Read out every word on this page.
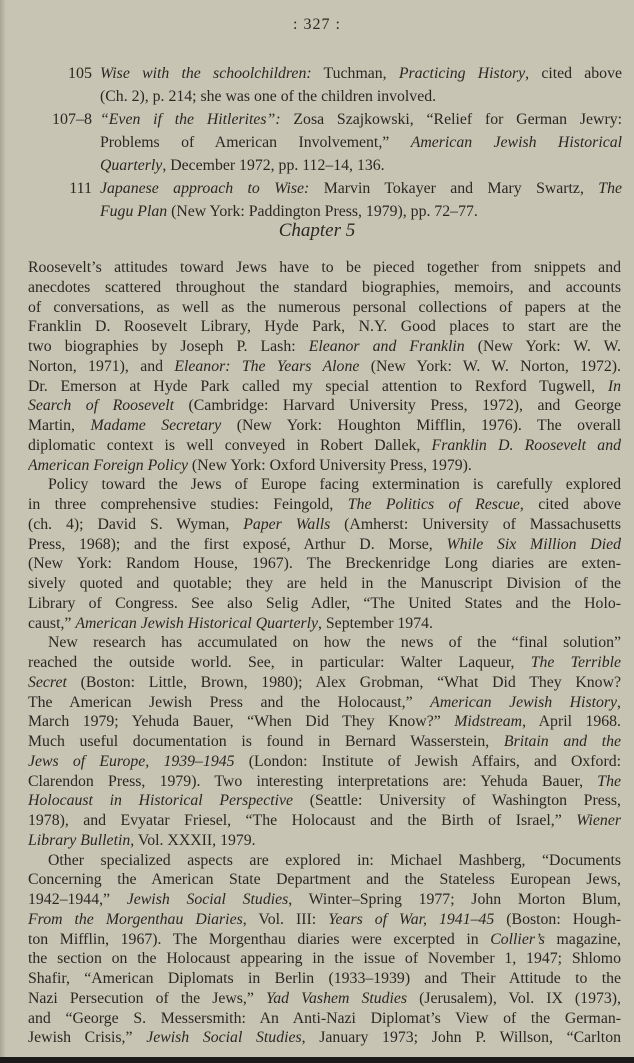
: 327 :
105 Wise with the schoolchildren: Tuchman, Practicing History, cited above
(Ch. 2), p. 214; she was one of the children involved.
107–8 “Even if the Hitlerites”: Zosa Szajkowski, “Relief for German Jewry:
Problems of American Involvement,” American Jewish Historical
Quarterly, December 1972, pp. 112–14, 136.
111 Japanese approach to Wise: Marvin Tokayer and Mary Swartz, The
Fugu Plan (New York: Paddington Press, 1979), pp. 72–77.
Chapter 5
Roosevelt’s attitudes toward Jews have to be pieced together from snippets and
anecdotes scattered throughout the standard biographies, memoirs, and accounts
of conversations, as well as the numerous personal collections of papers at the
Franklin D. Roosevelt Library, Hyde Park, N.Y. Good places to start are the
two biographies by Joseph P. Lash: Eleanor and Franklin (New York: W. W.
Norton, 1971), and Eleanor: The Years Alone (New York: W. W. Norton, 1972).
Dr. Emerson at Hyde Park called my special attention to Rexford Tugwell, In
Search of Roosevelt (Cambridge: Harvard University Press, 1972), and George
Martin, Madame Secretary (New York: Houghton Mifflin, 1976). The overall
diplomatic context is well conveyed in Robert Dallek, Franklin D. Roosevelt and
American Foreign Policy (New York: Oxford University Press, 1979).
Policy toward the Jews of Europe facing extermination is carefully explored
in three comprehensive studies: Feingold, The Politics of Rescue, cited above
(ch. 4); David S. Wyman, Paper Walls (Amherst: University of Massachusetts
Press, 1968); and the first exposé, Arthur D. Morse, While Six Million Died
(New York: Random House, 1967). The Breckenridge Long diaries are exten-
sively quoted and quotable; they are held in the Manuscript Division of the
Library of Congress. See also Selig Adler, “The United States and the Holo-
caust,” American Jewish Historical Quarterly, September 1974.
New research has accumulated on how the news of the “final solution”
reached the outside world. See, in particular: Walter Laqueur, The Terrible
Secret (Boston: Little, Brown, 1980); Alex Grobman, “What Did They Know?
The American Jewish Press and the Holocaust,” American Jewish History,
March 1979; Yehuda Bauer, “When Did They Know?” Midstream, April 1968.
Much useful documentation is found in Bernard Wasserstein, Britain and the
Jews of Europe, 1939–1945 (London: Institute of Jewish Affairs, and Oxford:
Clarendon Press, 1979). Two interesting interpretations are: Yehuda Bauer, The
Holocaust in Historical Perspective (Seattle: University of Washington Press,
1978), and Evyatar Friesel, “The Holocaust and the Birth of Israel,” Wiener
Library Bulletin, Vol. XXXII, 1979.
Other specialized aspects are explored in: Michael Mashberg, “Documents
Concerning the American State Department and the Stateless European Jews,
1942–1944,” Jewish Social Studies, Winter–Spring 1977; John Morton Blum,
From the Morgenthau Diaries, Vol. III: Years of War, 1941–45 (Boston: Hough-
ton Mifflin, 1967). The Morgenthau diaries were excerpted in Collier’s magazine,
the section on the Holocaust appearing in the issue of November 1, 1947; Shlomo
Shafir, “American Diplomats in Berlin (1933–1939) and Their Attitude to the
Nazi Persecution of the Jews,” Yad Vashem Studies (Jerusalem), Vol. IX (1973),
and “George S. Messersmith: An Anti-Nazi Diplomat’s View of the German-
Jewish Crisis,” Jewish Social Studies, January 1973; John P. Willson, “Carlton
